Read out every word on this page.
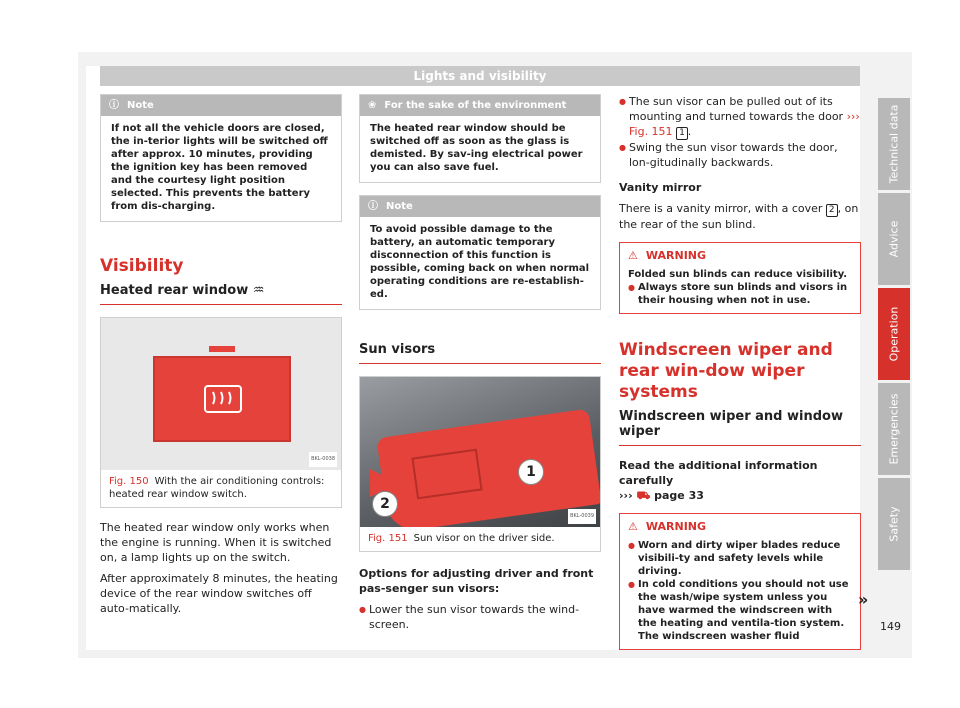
Lights and visibility
ⓘ Note
If not all the vehicle doors are closed, the in-terior lights will be switched off after approx. 10 minutes, providing the ignition key has been removed and the courtesy light position selected. This prevents the battery from dis-charging.
Visibility
Heated rear window ♒
BKL-0038
Fig. 150 With the air conditioning controls: heated rear window switch.

The heated rear window only works when the engine is running. When it is switched on, a lamp lights up on the switch.

After approximately 8 minutes, the heating device of the rear window switches off auto-matically.

❀ For the sake of the environment
The heated rear window should be switched off as soon as the glass is demisted. By sav-ing electrical power you can also save fuel.
ⓘ Note
To avoid possible damage to the battery, an automatic temporary disconnection of this function is possible, coming back on when normal operating conditions are re-establish-ed.
Sun visors
1
2
BKL-0039
Fig. 151 Sun visor on the driver side.

Options for adjusting driver and front pas-senger sun visors:

● Lower the sun visor towards the wind-screen.
● The sun visor can be pulled out of its mounting and turned towards the door ››› Fig. 151 1 .
● Swing the sun visor towards the door, lon-gitudinally backwards.

Vanity mirror

There is a vanity mirror, with a cover 2 , on the rear of the sun blind.

⚠ WARNING
Folded sun blinds can reduce visibility.
● Always store sun blinds and visors in their housing when not in use.
Windscreen wiper and rear win-dow wiper systems
Windscreen wiper and window wiper

Read the additional information carefully
››› ⛟ page 33

⚠ WARNING
● Worn and dirty wiper blades reduce visibili-ty and safety levels while driving.
● In cold conditions you should not use the wash/wipe system unless you have warmed the windscreen with the heating and ventila-tion system. The windscreen washer fluid
»
Technical data
Advice
Operation
Emergencies
Safety
149
